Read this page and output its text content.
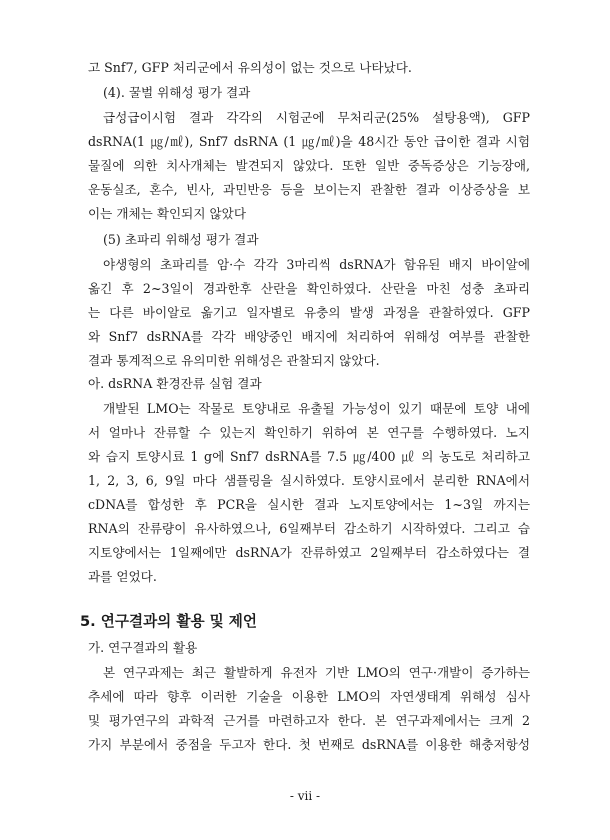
고 Snf7, GFP 처리군에서 유의성이 없는 것으로 나타났다.
(4). 꿀벌 위해성 평가 결과
급성급이시험 결과 각각의 시험군에 무처리군(25% 설탕용액), GFP
dsRNA(1 ㎍/㎖), Snf7 dsRNA (1 ㎍/㎖)을 48시간 동안 급이한 결과 시험
물질에 의한 치사개체는 발견되지 않았다. 또한 일반 중독증상은 기능장애,
운동실조, 혼수, 빈사, 과민반응 등을 보이는지 관찰한 결과 이상증상을 보
이는 개체는 확인되지 않았다
(5) 초파리 위해성 평가 결과
야생형의 초파리를 암·수 각각 3마리씩 dsRNA가 함유된 배지 바이알에
옮긴 후 2~3일이 경과한후 산란을 확인하였다. 산란을 마친 성충 초파리
는 다른 바이알로 옮기고 일자별로 유충의 발생 과정을 관찰하였다. GFP
와 Snf7 dsRNA를 각각 배양중인 배지에 처리하여 위해성 여부를 관찰한
결과 통계적으로 유의미한 위해성은 관찰되지 않았다.
아. dsRNA 환경잔류 실험 결과
개발된 LMO는 작물로 토양내로 유출될 가능성이 있기 때문에 토양 내에
서 얼마나 잔류할 수 있는지 확인하기 위하여 본 연구를 수행하였다. 노지
와 습지 토양시료 1 g에 Snf7 dsRNA를 7.5 ㎍/400 ㎕ 의 농도로 처리하고
1, 2, 3, 6, 9일 마다 샘플링을 실시하였다. 토양시료에서 분리한 RNA에서
cDNA를 합성한 후 PCR을 실시한 결과 노지토양에서는 1~3일 까지는
RNA의 잔류량이 유사하였으나, 6일째부터 감소하기 시작하였다. 그리고 습
지토양에서는 1일째에만 dsRNA가 잔류하였고 2일째부터 감소하였다는 결
과를 얻었다.
5. 연구결과의 활용 및 제언
가. 연구결과의 활용
본 연구과제는 최근 활발하게 유전자 기반 LMO의 연구·개발이 증가하는
추세에 따라 향후 이러한 기술을 이용한 LMO의 자연생태계 위해성 심사
및 평가연구의 과학적 근거를 마련하고자 한다. 본 연구과제에서는 크게 2
가지 부분에서 중점을 두고자 한다. 첫 번째로 dsRNA를 이용한 해충저항성
- vii -
